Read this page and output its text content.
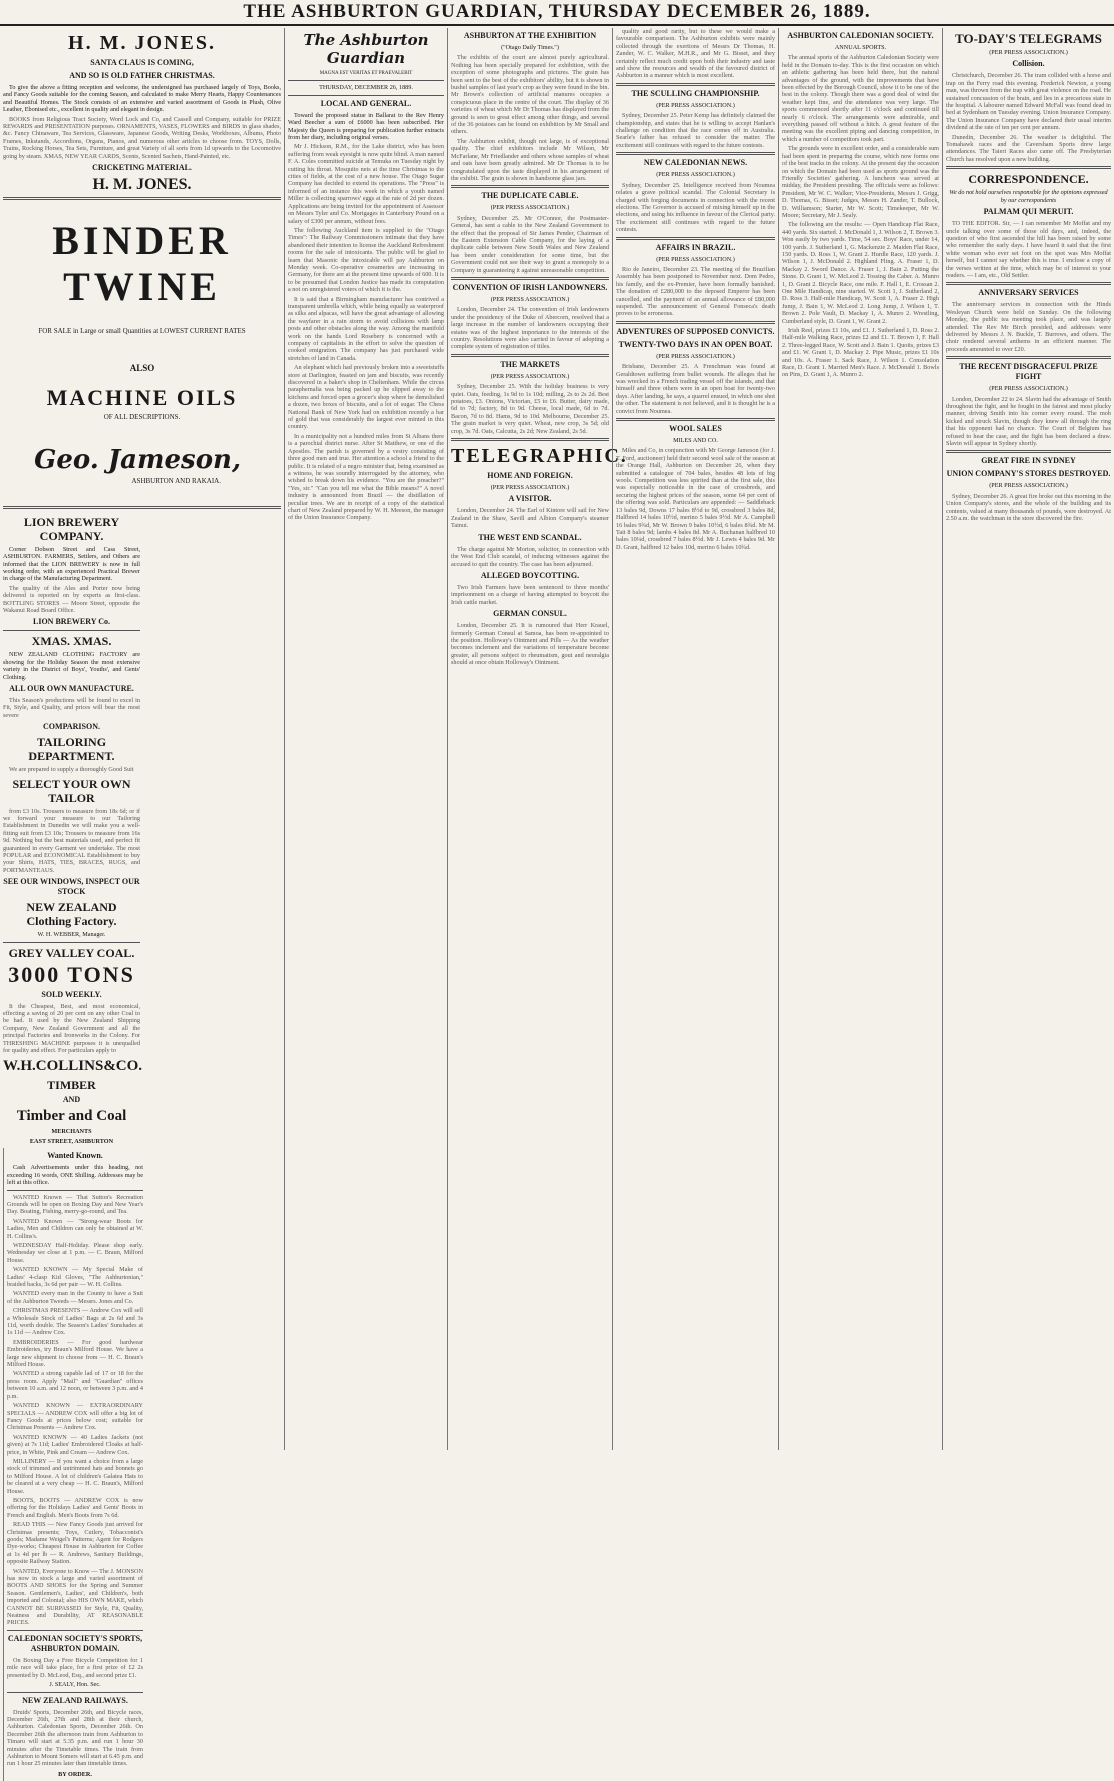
THE ASHBURTON GUARDIAN, THURSDAY DECEMBER 26, 1889.
H. M. JONES.
SANTA CLAUS IS COMING,
AND SO IS OLD FATHER CHRISTMAS.

To give the above a fitting reception and welcome, the undersigned has purchased largely of Toys, Books, and Fancy Goods suitable for the coming Season, and calculated to make Merry Hearts, Happy Countenances and Beautiful Homes. The Stock consists of an extensive and varied assortment of Goods in Plush, Olive Leather, Ebonised etc., excellent in quality and elegant in design.

BOOKS from Religious Tract Society, Word Lock and Co, and Cassell and Company, suitable for PRIZE REWARDS and PRESENTATION purposes. ORNAMENTS, VASES, FLOWERS and BIRDS in glass shades, &c. Fancy Chinaware, Tea Services, Glassware, Japanese Goods, Writing Desks, Workboxes, Albums, Photo Frames, Inkstands, Accordions, Organs, Pianos, and numerous other articles to choose from. TOYS, Dolls, Trains, Rocking Horses, Tea Sets, Furniture, and great Variety of all sorts from 1d upwards to the Locomotive going by steam. XMAS, NEW YEAR CARDS, Scents, Scented Sachets, Hand-Painted, etc.

CRICKETING MATERIAL.
H. M. JONES.
BINDER TWINE
FOR SALE in Large or small Quantities at LOWEST CURRENT RATES
ALSO
MACHINE OILS
OF ALL DESCRIPTIONS.
Geo. Jameson,
ASHBURTON AND RAKAIA.
LION BREWERY COMPANY.

Corner Dobson Street and Cass Street, ASHBURTON. FARMERS, Settlers, and Others are informed that the LION BREWERY is now in full working order, with an experienced Practical Brewer in charge of the Manufacturing Department.

The quality of the Ales and Porter now being delivered is reported on by experts as first-class. BOTTLING STORES — Moore Street, opposite the Wakanui Road Board Office.

LION BREWERY Co.
XMAS. XMAS.

NEW ZEALAND CLOTHING FACTORY are showing for the Holiday Season the most extensive variety in the District of Boys', Youths', and Gents' Clothing.

ALL OUR OWN MANUFACTURE.

This Season's productions will be found to excel in Fit, Style, and Quality, and prices will bear the most severe

COMPARISON.
TAILORING DEPARTMENT.

We are prepared to supply a thoroughly Good Suit

SELECT YOUR OWN TAILOR

from £3 10s. Trousers to measure from 18s 6d; or if we forward your measure to our Tailoring Establishment in Dunedin we will make you a well-fitting suit from £3 10s; Trousers to measure from 16s 9d. Nothing but the best materials used, and perfect fit guaranteed in every Garment we undertake. The most POPULAR and ECONOMICAL Establishment to buy your Shirts, HATS, TIES, BRACES, RUGS, and PORTMANTEAUS.

SEE OUR WINDOWS, INSPECT OUR STOCK
NEW ZEALAND Clothing Factory.
W. H. WEBBER, Manager.
GREY VALLEY COAL.
3000 TONS
SOLD WEEKLY.

It the Cheapest, Best, and most economical, effecting a saving of 20 per cent on any other Coal to be had. It used by the New Zealand Shipping Company, New Zealand Government and all the principal Factories and Ironworks in the Colony. For THRESHING MACHINE purposes it is unequalled for quality and effect. For particulars apply to

W.H.COLLINS&CO.
TIMBER
AND
Timber and Coal
MERCHANTS
EAST STREET, ASHBURTON
Wanted Known.

Cash Advertisements under this heading, not exceeding 16 words, ONE Shilling. Addresses may be left at this office.

WANTED Known — That Sutton's Recreation Grounds will be open on Boxing Day and New Year's Day. Boating, Fishing, merry-go-round, and Tea.

WANTED Known — "Strong-wear Boots for Ladies, Men and Children can only be obtained at W. H. Collins's.

WEDNESDAY Half-Holiday. Please shop early. Wednesday we close at 1 p.m. — C. Braun, Milford House.

WANTED KNOWN — My Special Make of Ladies' 4-clasp Kid Gloves, "The Ashburtonian," braided backs, 3s 6d per pair — W. H. Collins.

WANTED every man in the County to have a Suit of the Ashburton Tweeds — Messrs. Jones and Co.

CHRISTMAS PRESENTS — Andrew Cox will sell a Wholesale Stock of Ladies' Bags at 2s 6d and 3s 11d, worth double. The Season's Ladies' Sunshades at 1s 11d — Andrew Cox.

EMBROIDERIES — For good hardwear Embroideries, try Braun's Milford House. We have a large new shipment to choose from — H. C. Braun's Milford House.

WANTED a strong capable lad of 17 or 18 for the press room. Apply "Mail" and "Guardian" offices between 10 a.m. and 12 noon, or between 3 p.m. and 4 p.m.

WANTED KNOWN — EXTRAORDINARY SPECIALS — ANDREW COX will offer a big lot of Fancy Goods at prices below cost; suitable for Christmas Presents — Andrew Cox.

WANTED KNOWN — 40 Ladies Jackets (not given) at 7s 11d; Ladies' Embroidered Cloaks at half-price, in White, Pink and Cream — Andrew Cox.

MILLINERY — If you want a choice from a large stock of trimmed and untrimmed hats and bonnets go to Milford House. A lot of children's Galatea Hats to be cleared at a very cheap — H. C. Braun's, Milford House.

BOOTS, BOOTS — ANDREW COX is now offering for the Holidays Ladies' and Gents' Boots in French and English. Men's Boots from 7s 6d.

READ THIS — New Fancy Goods just arrived for Christmas presents; Toys, Cutlery, Tobacconist's goods; Madame Weigel's Patterns; Agent for Rodgers Dye-works; Cheapest House in Ashburton for Coffee at 1s 4d per lb — R. Andrews, Sanitary Buildings, opposite Railway Station.

WANTED, Everyone to Know — The J. MONSON has now in stock a large and varied assortment of BOOTS AND SHOES for the Spring and Summer Season. Gentlemen's, Ladies', and Children's, both imported and Colonial; also HIS OWN MAKE, which CANNOT BE SURPASSED for Style, Fit, Quality, Neatness and Durability, AT REASONABLE PRICES.

CALEDONIAN SOCIETY'S SPORTS, ASHBURTON DOMAIN.

On Boxing Day a Free Bicycle Competition for 1 mile race will take place, for a first prize of £2 2s presented by D. McLeod, Esq., and second prize £1.

J. SEALY, Hon. Sec.
NEW ZEALAND RAILWAYS.

Druids' Sports, December 26th, and Bicycle races, December 26th, 27th and 28th at their church, Ashburton. Caledonian Sports, December 26th. On December 26th the afternoon train from Ashburton to Timaru will start at 5.35 p.m. and run 1 hour 30 minutes after the Timetable times. The train from Ashburton to Mount Somers will start at 6.45 p.m. and run 1 hour 25 minutes later than timetable times.

BY ORDER.
The Ashburton Guardian
MAGNA EST VERITAS ET PRAEVALEBIT
THURSDAY, DECEMBER 26, 1889.
LOCAL AND GENERAL.

Toward the proposed statue in Ballarat to the Rev Henry Ward Beecher a sum of £6000 has been subscribed. Her Majesty the Queen is preparing for publication further extracts from her diary, including original verses.

Mr J. Hickson, R.M., for the Lake district, who has been suffering from weak eyesight is now quite blind. A man named F. A. Coles committed suicide at Temuka on Tuesday night by cutting his throat. Mosquito nets at the time Christmas to the cities of fields, at the cost of a new house. The Otago Sugar Company has decided to extend its operations. The "Press" is informed of an instance this week in which a youth named Miller is collecting sparrows' eggs at the rate of 2d per dozen. Applications are being invited for the appointment of Assessor on Messrs Tyler and Co. Mortgages in Canterbury Pound on a salary of £300 per annum, without fees.

The following Auckland item is supplied to the "Otago Times": The Railway Commissioners intimate that they have abandoned their intention to license the Auckland Refreshment rooms for the sale of intoxicants. The public will be glad to learn that Masonic the intoxicable will pay Ashburton on Monday week. Co-operative creameries are increasing in Germany, for there are at the present time upwards of 600. It is to be presumed that London Justice has made its computation a not on unregistered voters of which it is the.

It is said that a Birmingham manufacturer has contrived a transparent umbrella which, while being equally as waterproof as silks and alpacas, will have the great advantage of allowing the wayfarer in a rain storm to avoid collisions with lamp posts and other obstacles along the way. Among the manifold work on the hands Lord Rosebery is concerned with a company of capitalists in the effort to solve the question of cooked emigration. The company has just purchased wide stretches of land in Canada.

An elephant which had previously broken into a sweetstuffs store at Darlington, feasted on jam and biscuits, was recently discovered in a baker's shop in Cheltenham. While the circus paraphernalia was being packed up he slipped away to the kitchens and forced open a grocer's shop where he demolished a dozen, two boxes of biscuits, and a lot of sugar. The Chess National Bank of New York had on exhibition recently a bar of gold that was considerably the largest ever minted in this country.

In a municipality not a hundred miles from St Albans there is a parochial district nurse. After St Matthew, or one of the Apostles. The parish is governed by a vestry consisting of three good men and true. Her attention a school a friend to the public. It is related of a negro minister that, being examined as a witness, he was soundly interrogated by the attorney, who wished to break down his evidence. "You are the preacher?" "Yes, sir." "Can you tell me what the Bible means?" A novel industry is announced from Brazil — the distillation of peculiar trees. We are in receipt of a copy of the statistical chart of New Zealand prepared by W. H. Meeson, the manager of the Union Insurance Company.

ASHBURTON AT THE EXHIBITION
("Otago Daily Times.")

The exhibits of the court are almost purely agricultural. Nothing has been specially prepared for exhibition, with the exception of some photographs and pictures. The grain has been sent to the best of the exhibitors' ability, but it is shown in bushel samples of last year's crop as they were found in the bin. Mr Brown's collection of artificial manures occupies a conspicuous place in the centre of the court. The display of 36 varieties of wheat which Mr Dr Thomas has displayed from the ground is seen to great effect among other things, and several of the 36 potatoes can be found on exhibition by Mr Small and others.

The Ashburton exhibit, though not large, is of exceptional quality. The chief exhibitors include Mr Wilson, Mr McFarlane, Mr Friedlander and others whose samples of wheat and oats have been greatly admired. Mr Dr Thomas is to be congratulated upon the taste displayed in his arrangement of the exhibit. The grain is shown in handsome glass jars.

THE DUPLICATE CABLE.
(PER PRESS ASSOCIATION.)

Sydney, December 25. Mr O'Connor, the Postmaster-General, has sent a cable to the New Zealand Government to the effect that the proposal of Sir James Pender, Chairman of the Eastern Extension Cable Company, for the laying of a duplicate cable between New South Wales and New Zealand has been under consideration for some time, but the Government could not see their way to grant a monopoly to a Company in guaranteeing it against unreasonable competition.

CONVENTION OF IRISH LANDOWNERS.
(PER PRESS ASSOCIATION.)

London, December 24. The convention of Irish landowners under the presidency of the Duke of Abercorn, resolved that a large increase in the number of landowners occupying their estates was of the highest importance to the interests of the country. Resolutions were also carried in favour of adopting a complete system of registration of titles.

THE MARKETS
(PER PRESS ASSOCIATION.)

Sydney, December 25. With the holiday business is very quiet. Oats, feeding, 1s 9d to 1s 10d; milling, 2s to 2s 2d. Best potatoes, £3. Onions, Victorian, £5 to £6. Butter, dairy made, 6d to 7d; factory, 8d to 9d. Cheese, local made, 6d to 7d. Bacon, 7d to 8d. Hams, 9d to 10d. Melbourne, December 25. The grain market is very quiet. Wheat, new crop, 3s 5d; old crop, 3s 7d. Oats, Calcutta, 2s 2d; New Zealand, 2s 5d.

TELEGRAPHIC.
HOME AND FOREIGN.
(PER PRESS ASSOCIATION.)
A VISITOR.

London, December 24. The Earl of Kintore will sail for New Zealand in the Shaw, Savill and Albion Company's steamer Tainui.

THE WEST END SCANDAL.

The charge against Mr Morton, solicitor, in connection with the West End Club scandal, of inducing witnesses against the accused to quit the country. The case has been adjourned.

ALLEGED BOYCOTTING.

Two Irish Farmers have been sentenced to three months' imprisonment on a charge of having attempted to boycott the Irish cattle market.

GERMAN CONSUL.

London, December 25. It is rumoured that Herr Krauel, formerly German Consul at Samoa, has been re-appointed to the position. Holloway's Ointment and Pills — As the weather becomes inclement and the variations of temperature become greater, all persons subject to rheumatism, gout and neuralgia should at once obtain Holloway's Ointment.

quality and good rarity, but to these we would make a favourable comparison. The Ashburton exhibits were mainly collected through the exertions of Messrs Dr Thomas, H. Zander, W. C. Walker, M.H.R., and Mr G. Bisset, and they certainly reflect much credit upon both their industry and taste and show the resources and wealth of the favoured district of Ashburton in a manner which is most excellent.

THE SCULLING CHAMPIONSHIP.
(PER PRESS ASSOCIATION.)

Sydney, December 25. Peter Kemp has definitely claimed the championship, and states that he is willing to accept Hanlan's challenge on condition that the race comes off in Australia. Searle's father has refused to consider the matter. The excitement still continues with regard to the future contests.

NEW CALEDONIAN NEWS.
(PER PRESS ASSOCIATION.)

Sydney, December 25. Intelligence received from Noumea relates a grave political scandal. The Colonial Secretary is charged with forging documents in connection with the recent elections. The Governor is accused of mixing himself up in the elections, and using his influence in favour of the Clerical party. The excitement still continues with regard to the future contests.

AFFAIRS IN BRAZIL.
(PER PRESS ASSOCIATION.)

Rio de Janeiro, December 23. The meeting of the Brazilian Assembly has been postponed to November next. Dom Pedro, his family, and the ex-Premier, have been formally banished. The donation of £280,000 to the deposed Emperor has been cancelled, and the payment of an annual allowance of £80,000 suspended. The announcement of General Fonseca's death proves to be erroneous.

ADVENTURES OF SUPPOSED CONVICTS.
TWENTY-TWO DAYS IN AN OPEN BOAT.
(PER PRESS ASSOCIATION.)

Brisbane, December 25. A Frenchman was found at Geraldtown suffering from bullet wounds. He alleges that he was wrecked in a French trading vessel off the islands, and that himself and three others were in an open boat for twenty-two days. After landing, he says, a quarrel ensued, in which one shot the other. The statement is not believed, and it is thought he is a convict from Noumea.

WOOL SALES
MILES AND CO.

Miles and Co, in conjunction with Mr George Jameson (for J. T. Ford, auctioneer) held their second wool sale of the season at the Orange Hall, Ashburton on December 26, when they submitted a catalogue of 704 bales, besides 48 lots of big wools. Competition was less spirited than at the first sale, this was especially noticeable in the case of crossbreds, and securing the highest prices of the season, some 64 per cent of the offering was sold. Particulars are appended: — Saddleback 13 bales 9d, Downs 17 bales 8½d to 9d, crossbred 3 bales 8d, Halfbred 14 bales 10½d, merino 5 bales 9½d. Mr A. Campbell 16 bales 9¾d, Mr W. Brown 9 bales 10½d, 6 bales 8¾d. Mr M. Tait 8 bales 9d; lambs 4 bales 8d. Mr A. Buchanan halfbred 10 bales 10¼d, crossbred 7 bales 8½d. Mr J. Lewis 4 bales 9d. Mr D. Grant, halfbred 12 bales 10d, merino 6 bales 10¾d.

ASHBURTON CALEDONIAN SOCIETY.
ANNUAL SPORTS.

The annual sports of the Ashburton Caledonian Society were held in the Domain to-day. This is the first occasion on which an athletic gathering has been held there, but the natural advantages of the ground, with the improvements that have been effected by the Borough Council, show it to be one of the best in the colony. Though there was a good deal of wind the weather kept fine, and the attendance was very large. The sports commenced shortly after 11 o'clock and continued till nearly 6 o'clock. The arrangements were admirable, and everything passed off without a hitch. A great feature of the meeting was the excellent piping and dancing competition, in which a number of competitors took part.

The grounds were in excellent order, and a considerable sum had been spent in preparing the course, which now forms one of the best tracks in the colony. At the present day the occasion on which the Domain had been used as sports ground was the Friendly Societies' gathering. A luncheon was served at midday, the President presiding. The officials were as follows: President, Mr W. C. Walker; Vice-Presidents, Messrs J. Grigg, D. Thomas, G. Bisset; Judges, Messrs H. Zander, T. Bullock, D. Williamson; Starter, Mr W. Scott; Timekeeper, Mr W. Moore; Secretary, Mr J. Sealy.

The following are the results: — Open Handicap Flat Race, 440 yards. Six started. J. McDonald 1, J. Wilson 2, T. Brown 3. Won easily by two yards. Time, 54 sec. Boys' Race, under 14, 100 yards. J. Sutherland 1, G. Mackenzie 2. Maiden Flat Race, 150 yards. D. Ross 1, W. Grant 2. Hurdle Race, 120 yards. J. Wilson 1, J. McDonald 2. Highland Fling. A. Fraser 1, D. Mackay 2. Sword Dance. A. Fraser 1, J. Bain 2. Putting the Stone. D. Grant 1, W. McLeod 2. Tossing the Caber. A. Munro 1, D. Grant 2. Bicycle Race, one mile. F. Hall 1, E. Crossan 2. One Mile Handicap, nine started. W. Scott 1, J. Sutherland 2, D. Ross 3. Half-mile Handicap, W. Scott 1, A. Fraser 2. High Jump, J. Bain 1, W. McLeod 2. Long Jump, J. Wilson 1, T. Brown 2. Pole Vault, D. Mackay 1, A. Munro 2. Wrestling, Cumberland style, D. Grant 1, W. Grant 2.

Irish Reel, prizes £1 10s, and £1. J. Sutherland 1, D. Ross 2. Half-mile Walking Race, prizes £2 and £1. T. Brown 1, F. Hall 2. Three-legged Race, W. Scott and J. Bain 1. Quoits, prizes £3 and £1. W. Grant 1, D. Mackay 2. Pipe Music, prizes £1 10s and 10s. A. Fraser 1. Sack Race, J. Wilson 1. Consolation Race, D. Grant 1. Married Men's Race. J. McDonald 1. Bowls on Pins, D. Grant 1, A. Munro 2.

TO-DAY'S TELEGRAMS
(PER PRESS ASSOCIATION.)
Collision.

Christchurch, December 26. The tram collided with a horse and trap on the Ferry road this evening. Frederick Newton, a young man, was thrown from the trap with great violence on the road. He sustained concussion of the brain, and lies in a precarious state in the hospital. A labourer named Edward McFall was found dead in bed at Sydenham on Tuesday evening. Union Insurance Company. The Union Insurance Company have declared their usual interim dividend at the rate of ten per cent per annum.

Dunedin, December 26. The weather is delightful. The Tomahawk races and the Caversham Sports drew large attendances. The Taieri Races also came off. The Presbyterian Church has resolved upon a new building.

CORRESPONDENCE.
We do not hold ourselves responsible for the opinions expressed by our correspondents
PALMAM QUI MERUIT.

TO THE EDITOR. Sir, — I can remember Mr Moffat and my uncle talking over some of those old days, and, indeed, the question of who first ascended the hill has been raised by some who remember the early days. I have heard it said that the first white woman who ever set foot on the spot was Mrs Moffat herself, but I cannot say whether this is true. I enclose a copy of the verses written at the time, which may be of interest to your readers. — I am, etc., Old Settler.

ANNIVERSARY SERVICES

The anniversary services in connection with the Hinds Wesleyan Church were held on Sunday. On the following Monday, the public tea meeting took place, and was largely attended. The Rev Mr Birch presided, and addresses were delivered by Messrs J. N. Buckle, T. Burrows, and others. The choir rendered several anthems in an efficient manner. The proceeds amounted to over £20.

THE RECENT DISGRACEFUL PRIZE FIGHT
(PER PRESS ASSOCIATION.)

London, December 22 to 24. Slavin had the advantage of Smith throughout the fight, and he fought in the fairest and most plucky manner, driving Smith into his corner every round. The mob kicked and struck Slavin, though they knew all through the ring that his opponent had no chance. The Court of Belgium has refused to hear the case, and the fight has been declared a draw. Slavin will appear in Sydney shortly.

GREAT FIRE IN SYDNEY
UNION COMPANY'S STORES DESTROYED.
(PER PRESS ASSOCIATION.)

Sydney, December 26. A great fire broke out this morning in the Union Company's stores, and the whole of the building and its contents, valued at many thousands of pounds, were destroyed. At 2.50 a.m. the watchman in the store discovered the fire.
